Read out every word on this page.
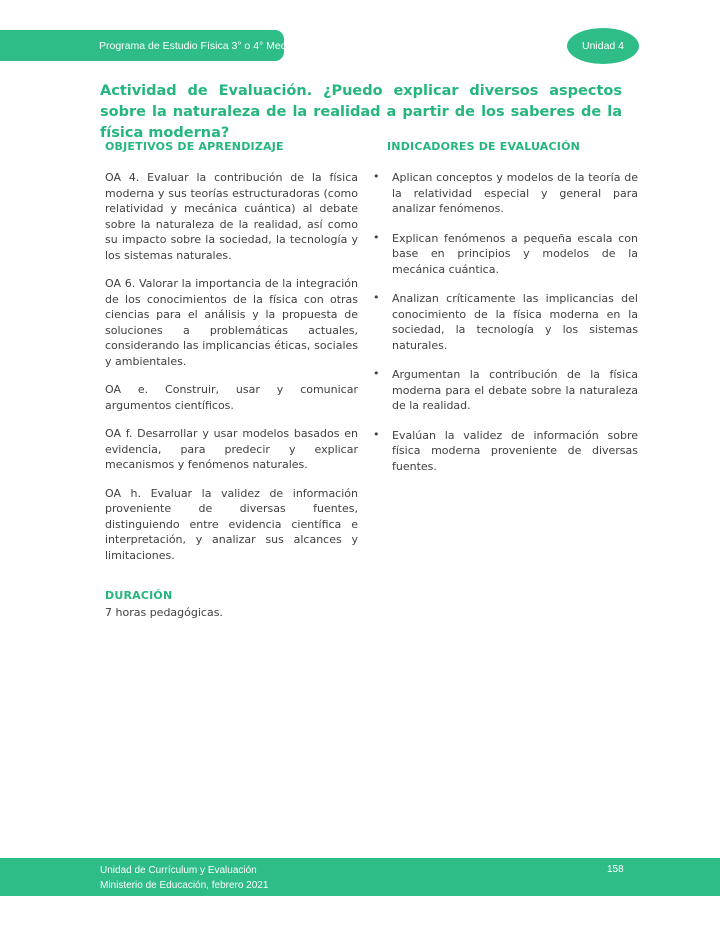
Programa de Estudio Física 3° o 4° Medio	Unidad 4
Actividad de Evaluación. ¿Puedo explicar diversos aspectos sobre la naturaleza de la realidad a partir de los saberes de la física moderna?
OBJETIVOS DE APRENDIZAJE

OA 4. Evaluar la contribución de la física moderna y sus teorías estructuradoras (como relatividad y mecánica cuántica) al debate sobre la naturaleza de la realidad, así como su impacto sobre la sociedad, la tecnología y los sistemas naturales.

OA 6. Valorar la importancia de la integración de los conocimientos de la física con otras ciencias para el análisis y la propuesta de soluciones a problemáticas actuales, considerando las implicancias éticas, sociales y ambientales.

OA e. Construir, usar y comunicar argumentos científicos.

OA f. Desarrollar y usar modelos basados en evidencia, para predecir y explicar mecanismos y fenómenos naturales.

OA h. Evaluar la validez de información proveniente de diversas fuentes, distinguiendo entre evidencia científica e interpretación, y analizar sus alcances y limitaciones.

DURACIÓN

7 horas pedagógicas.

INDICADORES DE EVALUACIÓN
• Aplican conceptos y modelos de la teoría de la relatividad especial y general para analizar fenómenos.
• Explican fenómenos a pequeña escala con base en principios y modelos de la mecánica cuántica.
• Analizan críticamente las implicancias del conocimiento de la física moderna en la sociedad, la tecnología y los sistemas naturales.
• Argumentan la contribución de la física moderna para el debate sobre la naturaleza de la realidad.
• Evalúan la validez de información sobre física moderna proveniente de diversas fuentes.
Unidad de Currículum y Evaluación
Ministerio de Educación, febrero 2021
158
